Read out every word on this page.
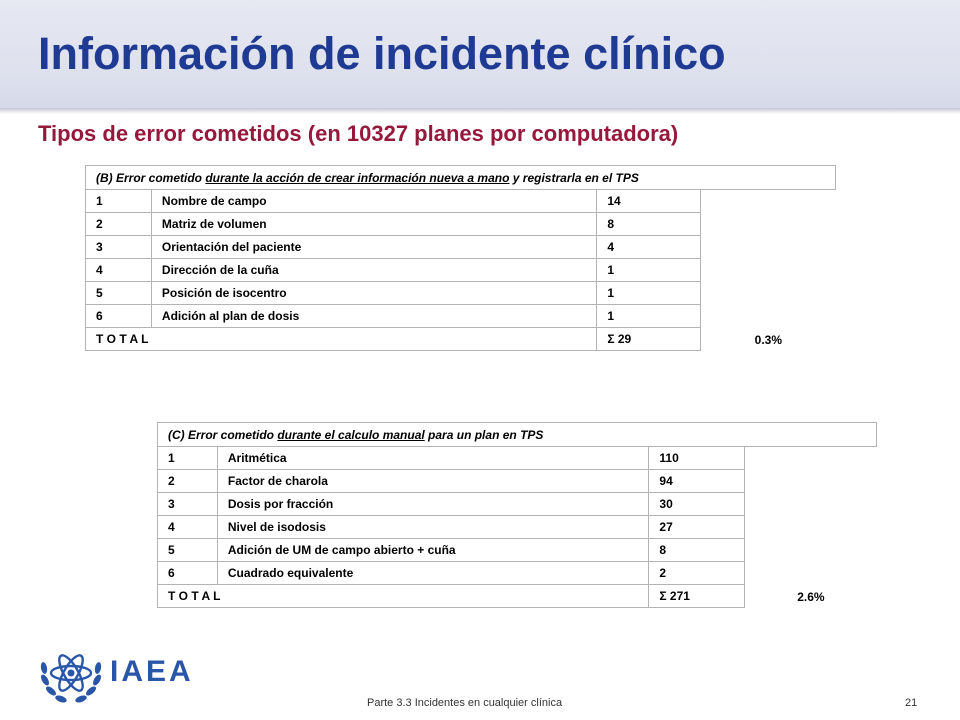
Información de incidente clínico
Tipos de error cometidos (en 10327 planes por computadora)
(B) Error cometido durante la acción de crear información nueva a mano y registrarla en el TPS			
1	Nombre de campo	14	0.3%
2	Matriz de volumen	8	
3	Orientación del paciente	4	
4	Dirección de la cuña	1	
5	Posición de isocentro	1	
6	Adición al plan de dosis	1	
T O T A L		Σ 29	
(C) Error cometido durante el calculo manual para un plan en TPS			
1	Aritmética	110	2.6%
2	Factor de charola	94	
3	Dosis por fracción	30	
4	Nivel de isodosis	27	
5	Adición de UM de campo abierto + cuña	8	
6	Cuadrado equivalente	2	
T O T A L		Σ 271	
IAEA
Parte 3.3 Incidentes en cualquier clínica	21
